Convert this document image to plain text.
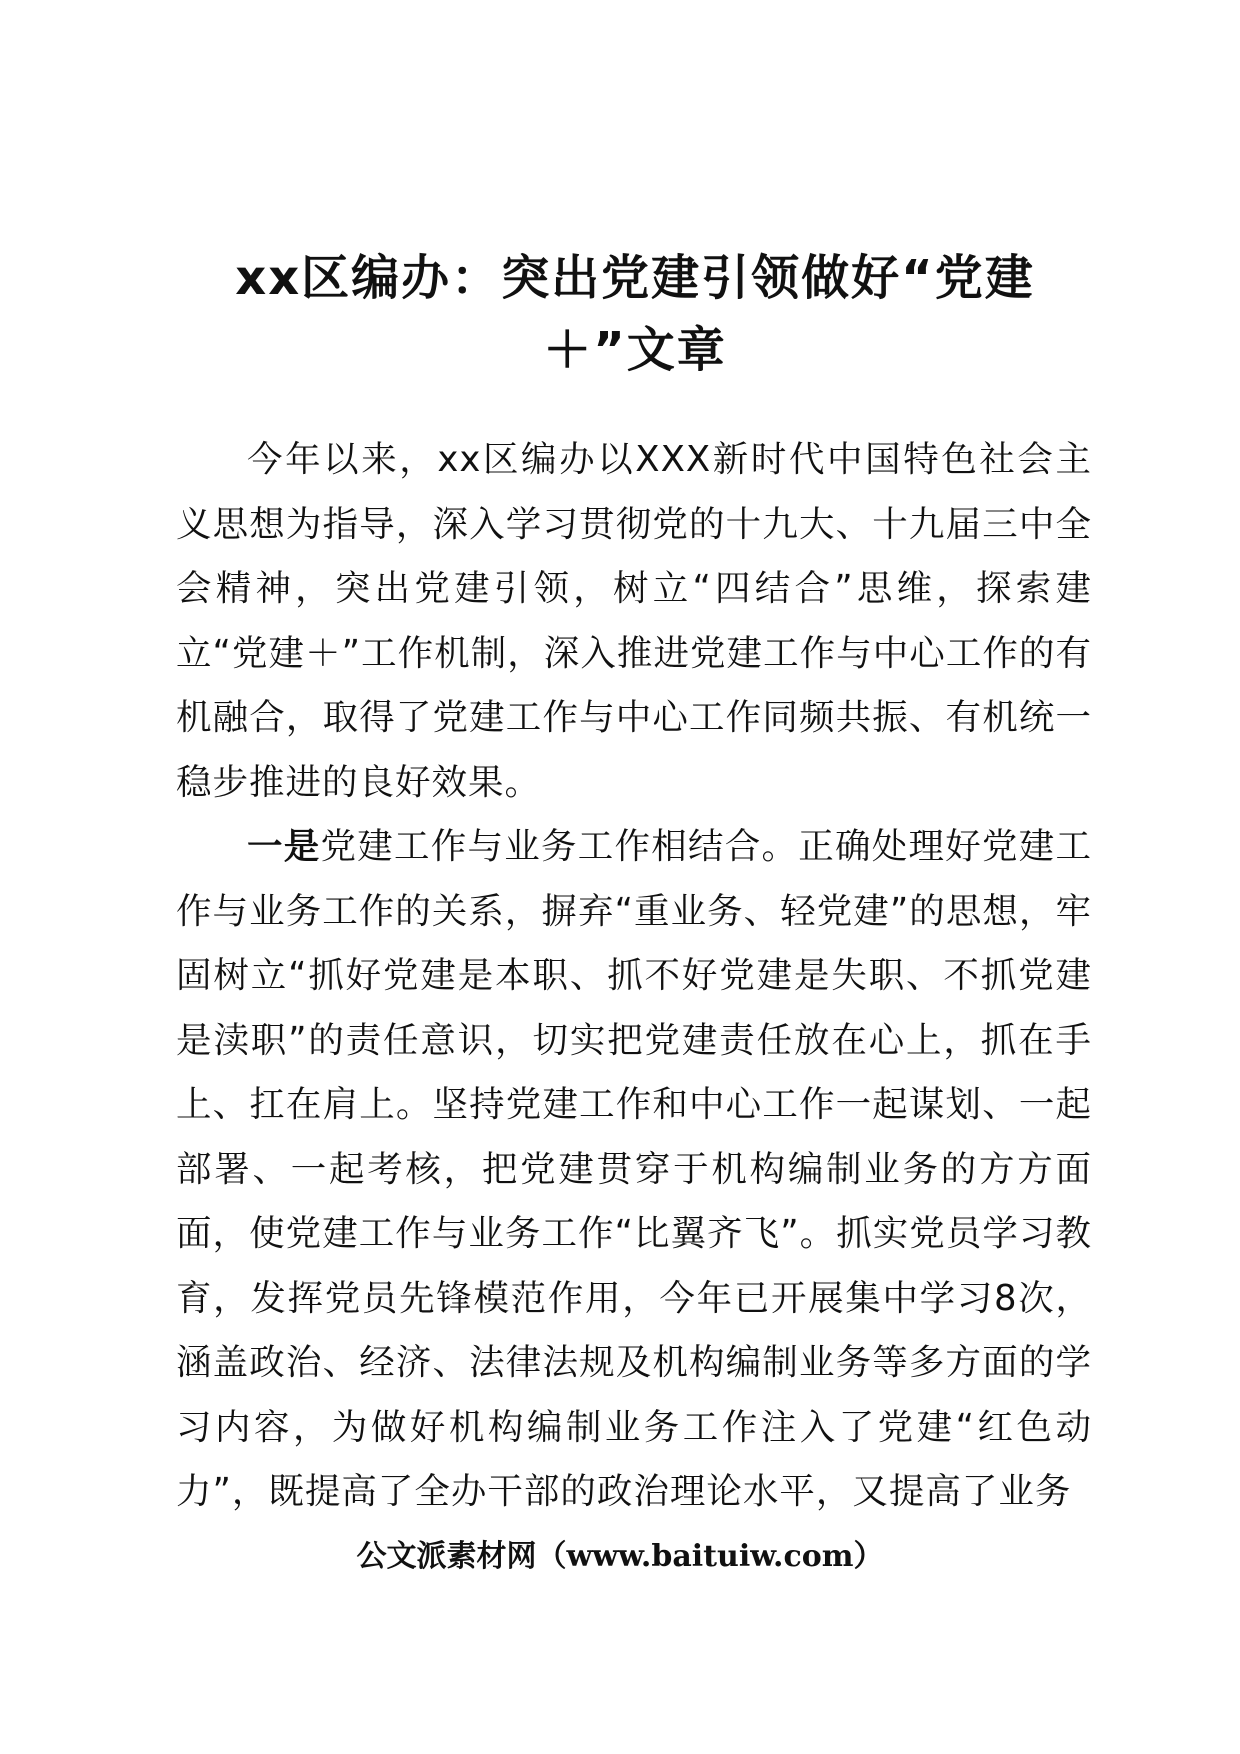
xx区编办：突出党建引领做好“党建＋”文章

今年以来，xx区编办以XXX新时代中国特色社会主义思想为指导，深入学习贯彻党的十九大、十九届三中全会精神，突出党建引领，树立“四结合”思维，探索建立“党建＋”工作机制，深入推进党建工作与中心工作的有机融合，取得了党建工作与中心工作同频共振、有机统一稳步推进的良好效果。

一是党建工作与业务工作相结合。正确处理好党建工作与业务工作的关系，摒弃“重业务、轻党建”的思想，牢固树立“抓好党建是本职、抓不好党建是失职、不抓党建是渎职”的责任意识，切实把党建责任放在心上，抓在手上、扛在肩上。坚持党建工作和中心工作一起谋划、一起部署、一起考核，把党建贯穿于机构编制业务的方方面面，使党建工作与业务工作“比翼齐飞”。抓实党员学习教育，发挥党员先锋模范作用，今年已开展集中学习8次，涵盖政治、经济、法律法规及机构编制业务等多方面的学习内容，为做好机构编制业务工作注入了党建“红色动力”，既提高了全办干部的政治理论水平，又提高了业务

公文派素材网（www.baituiw.com）
